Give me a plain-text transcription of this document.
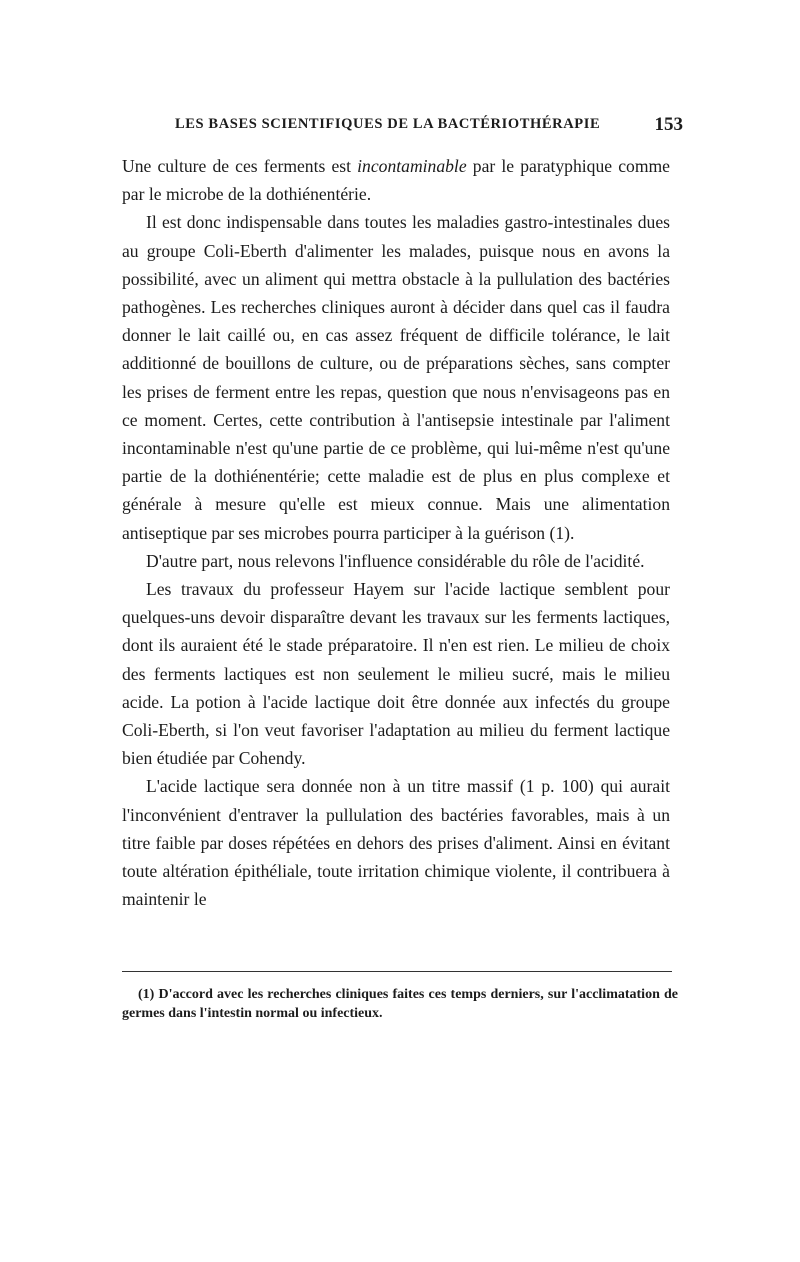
LES BASES SCIENTIFIQUES DE LA BACTÉRIOTHÉRAPIE	153

Une culture de ces ferments est incontaminable par le paratyphique comme par le microbe de la dothiénentérie.

Il est donc indispensable dans toutes les maladies gastro-intestinales dues au groupe Coli-Eberth d'alimenter les malades, puisque nous en avons la possibilité, avec un aliment qui mettra obstacle à la pullulation des bactéries pathogènes. Les recherches cliniques auront à décider dans quel cas il faudra donner le lait caillé ou, en cas assez fréquent de difficile tolérance, le lait additionné de bouillons de culture, ou de préparations sèches, sans compter les prises de ferment entre les repas, question que nous n'envisageons pas en ce moment. Certes, cette contribution à l'antisepsie intestinale par l'aliment incontaminable n'est qu'une partie de ce problème, qui lui-même n'est qu'une partie de la dothiénentérie; cette maladie est de plus en plus complexe et générale à mesure qu'elle est mieux connue. Mais une alimentation antiseptique par ses microbes pourra participer à la guérison (1).

D'autre part, nous relevons l'influence considérable du rôle de l'acidité.

Les travaux du professeur Hayem sur l'acide lactique semblent pour quelques-uns devoir disparaître devant les travaux sur les ferments lactiques, dont ils auraient été le stade préparatoire. Il n'en est rien. Le milieu de choix des ferments lactiques est non seulement le milieu sucré, mais le milieu acide. La potion à l'acide lactique doit être donnée aux infectés du groupe Coli-Eberth, si l'on veut favoriser l'adaptation au milieu du ferment lactique bien étudiée par Cohendy.

L'acide lactique sera donnée non à un titre massif (1 p. 100) qui aurait l'inconvénient d'entraver la pullulation des bactéries favorables, mais à un titre faible par doses répétées en dehors des prises d'aliment. Ainsi en évitant toute altération épithéliale, toute irritation chimique violente, il contribuera à maintenir le

(1) D'accord avec les recherches cliniques faites ces temps derniers, sur l'acclimatation de germes dans l'intestin normal ou infectieux.
